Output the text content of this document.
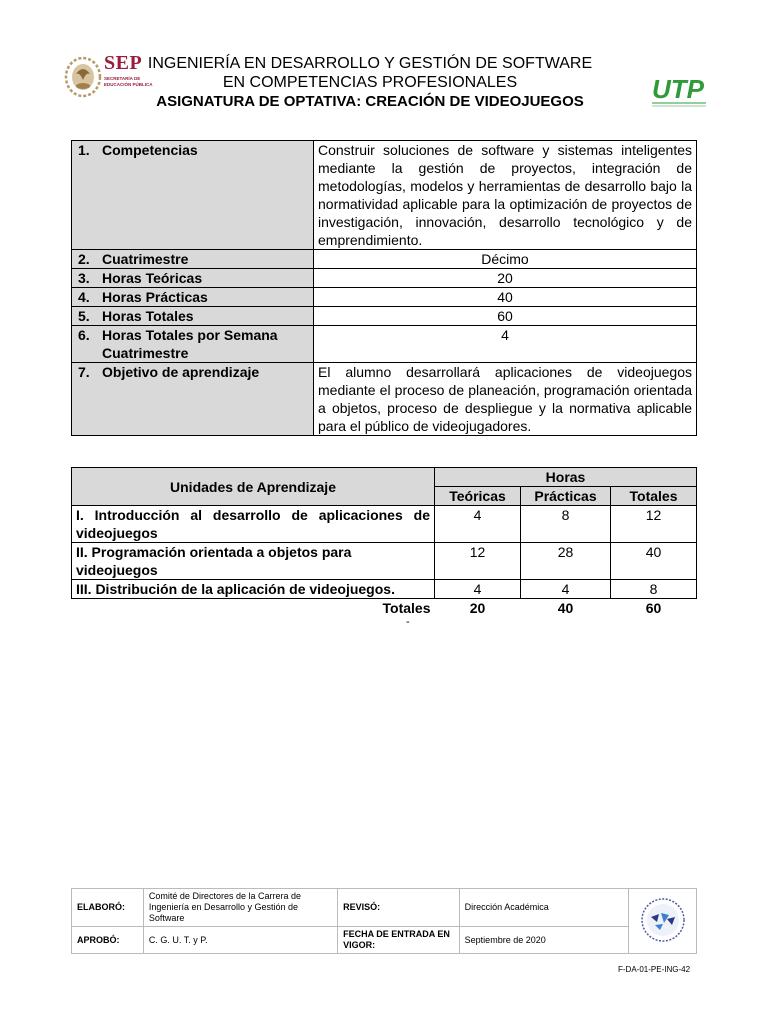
SEP
SECRETARÍA DE EDUCACIÓN PÚBLICA
INGENIERÍA EN DESARROLLO Y GESTIÓN DE SOFTWARE
EN COMPETENCIAS PROFESIONALES
ASIGNATURA DE OPTATIVA: CREACIÓN DE VIDEOJUEGOS	UTP
1. Competencias	Construir soluciones de software y sistemas inteligentes mediante la gestión de proyectos, integración de metodologías, modelos y herramientas de desarrollo bajo la normatividad aplicable para la optimización de proyectos de investigación, innovación, desarrollo tecnológico y de emprendimiento.
2. Cuatrimestre	Décimo
3. Horas Teóricas	20
4. Horas Prácticas	40
5. Horas Totales	60
6. Horas Totales por Semana
Cuatrimestre	4
7. Objetivo de aprendizaje	El alumno desarrollará aplicaciones de videojuegos mediante el proceso de planeación, programación orientada a objetos, proceso de despliegue y la normativa aplicable para el público de videojugadores.
Unidades de Aprendizaje	Horas		
	Teóricas	Prácticas	Totales
I. Introducción al desarrollo de aplicaciones de videojuegos	4	8	12
II. Programación orientada a objetos para videojuegos	12	28	40
III. Distribución de la aplicación de videojuegos.	4	4	8
Totales	20	40	60
-
ELABORÓ:	Comité de Directores de la Carrera de Ingeniería en Desarrollo y Gestión de Software	REVISÓ:	Dirección Académica	
APROBÓ:	C. G. U. T. y P.	FECHA DE ENTRADA EN VIGOR:	Septiembre de 2020	
F-DA-01-PE-ING-42
